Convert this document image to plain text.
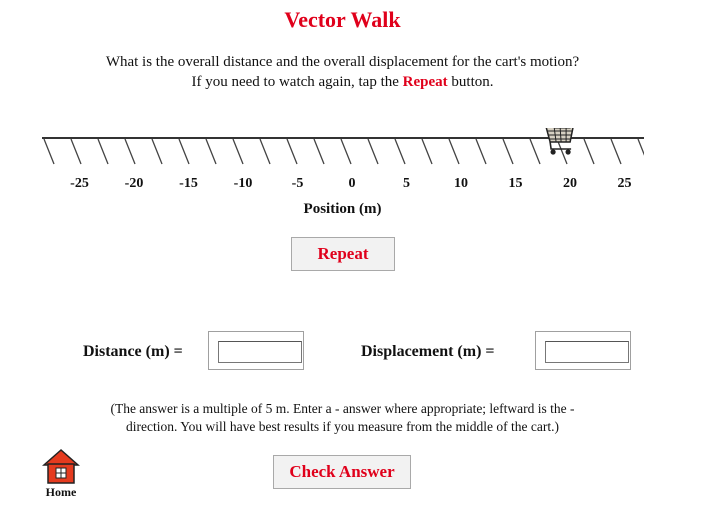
Vector Walk
What is the overall distance and the overall displacement for the cart's motion? If you need to watch again, tap the Repeat button.
-25	-20	-15	-10	-5	0	5	10	15	20	25
Position (m)
Repeat
Distance (m) =	Displacement (m) =
(The answer is a multiple of 5 m. Enter a - answer where appropriate; leftward is the - direction. You will have best results if you measure from the middle of the cart.)
Check Answer
Home
